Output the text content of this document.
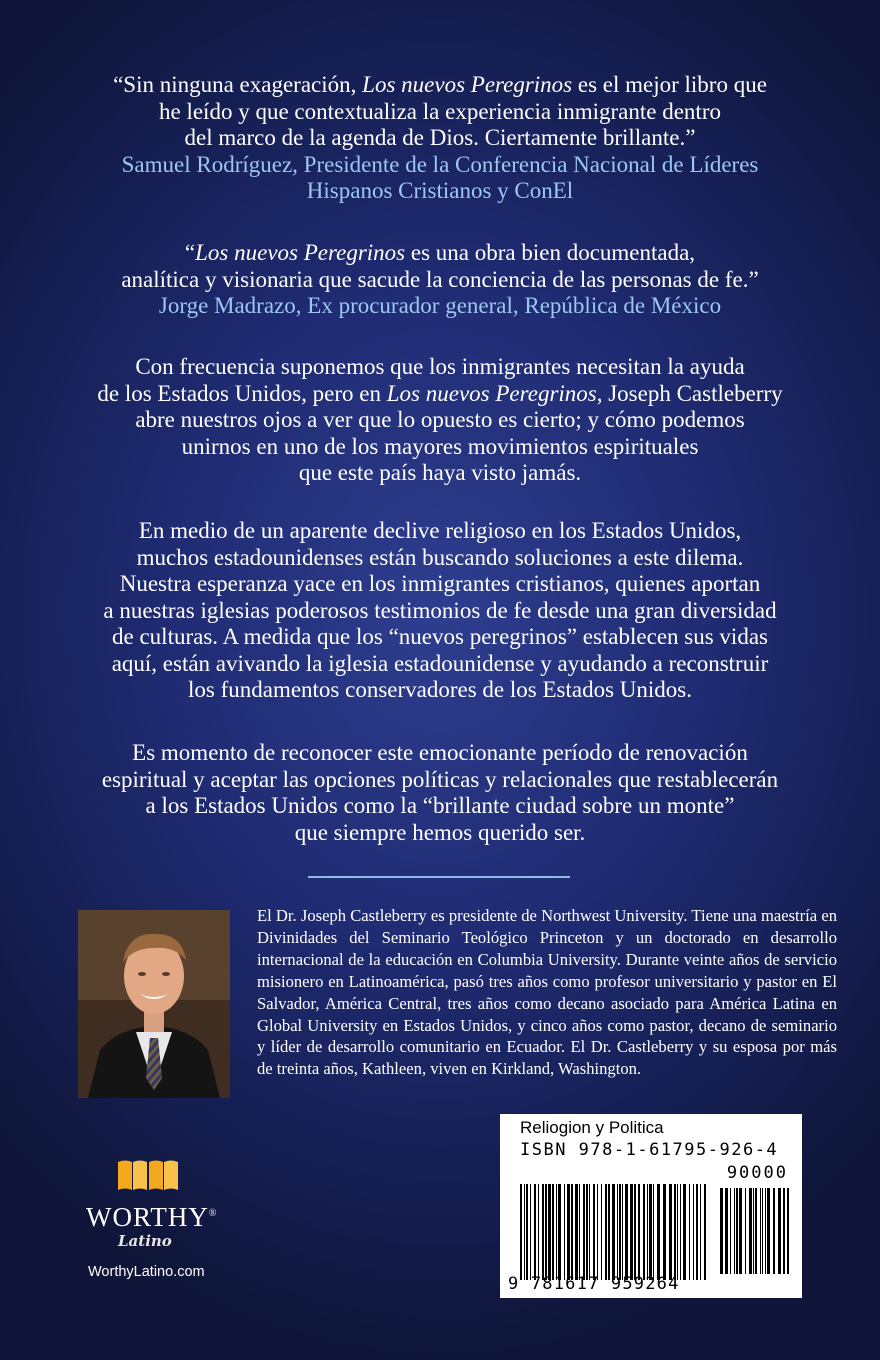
“Sin ninguna exageración, Los nuevos Peregrinos es el mejor libro que
he leído y que contextualiza la experiencia inmigrante dentro
del marco de la agenda de Dios. Ciertamente brillante.”
Samuel Rodríguez, Presidente de la Conferencia Nacional de Líderes
Hispanos Cristianos y ConEl
“Los nuevos Peregrinos es una obra bien documentada,
analítica y visionaria que sacude la conciencia de las personas de fe.”
Jorge Madrazo, Ex procurador general, República de México
Con frecuencia suponemos que los inmigrantes necesitan la ayuda
de los Estados Unidos, pero en Los nuevos Peregrinos, Joseph Castleberry
abre nuestros ojos a ver que lo opuesto es cierto; y cómo podemos
unirnos en uno de los mayores movimientos espirituales
que este país haya visto jamás.
En medio de un aparente declive religioso en los Estados Unidos,
muchos estadounidenses están buscando soluciones a este dilema.
Nuestra esperanza yace en los inmigrantes cristianos, quienes aportan
a nuestras iglesias poderosos testimonios de fe desde una gran diversidad
de culturas. A medida que los “nuevos peregrinos” establecen sus vidas
aquí, están avivando la iglesia estadounidense y ayudando a reconstruir
los fundamentos conservadores de los Estados Unidos.
Es momento de reconocer este emocionante período de renovación
espiritual y aceptar las opciones políticas y relacionales que restablecerán
a los Estados Unidos como la “brillante ciudad sobre un monte”
que siempre hemos querido ser.
El Dr. Joseph Castleberry es presidente de Northwest University. Tiene una maestría en Divinidades del Seminario Teológico Princeton y un doctorado en desarrollo internacional de la educación en Columbia University. Durante veinte años de servicio misionero en Latinoamérica, pasó tres años como profesor universitario y pastor en El Salvador, América Central, tres años como decano asociado para América Latina en Global University en Estados Unidos, y cinco años como pastor, decano de seminario y líder de desarrollo comunitario en Ecuador. El Dr. Castleberry y su esposa por más de treinta años, Kathleen, viven en Kirkland, Washington.
WORTHY®
Latino
WorthyLatino.com
Reliogion y Politica
ISBN 978-1-61795-926-4
90000
9 781617 959264
